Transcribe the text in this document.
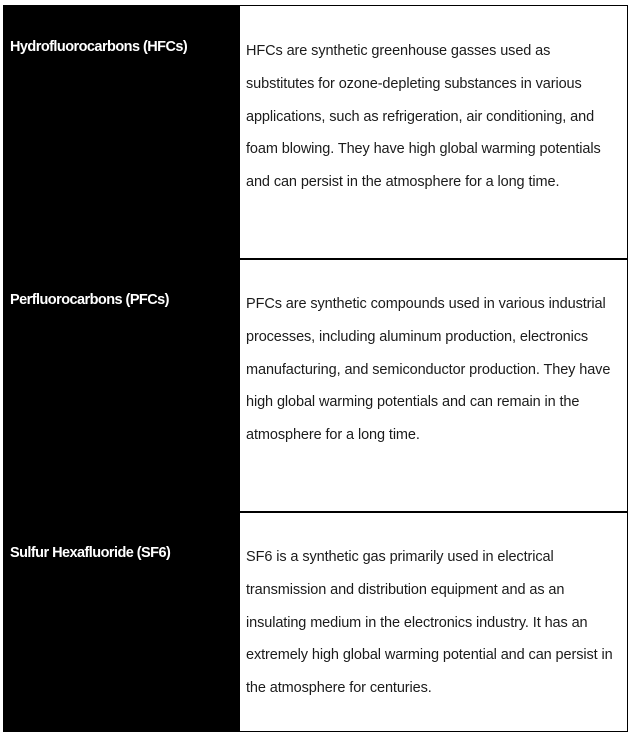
Hydrofluorocarbons (HFCs)	HFCs are synthetic greenhouse gasses used as substitutes for ozone-depleting substances in various applications, such as refrigeration, air conditioning, and foam blowing. They have high global warming potentials and can persist in the atmosphere for a long time.
Perfluorocarbons (PFCs)	PFCs are synthetic compounds used in various industrial processes, including aluminum production, electronics manufacturing, and semiconductor production. They have high global warming potentials and can remain in the atmosphere for a long time.
Sulfur Hexafluoride (SF6)	SF6 is a synthetic gas primarily used in electrical transmission and distribution equipment and as an insulating medium in the electronics industry. It has an extremely high global warming potential and can persist in the atmosphere for centuries.
